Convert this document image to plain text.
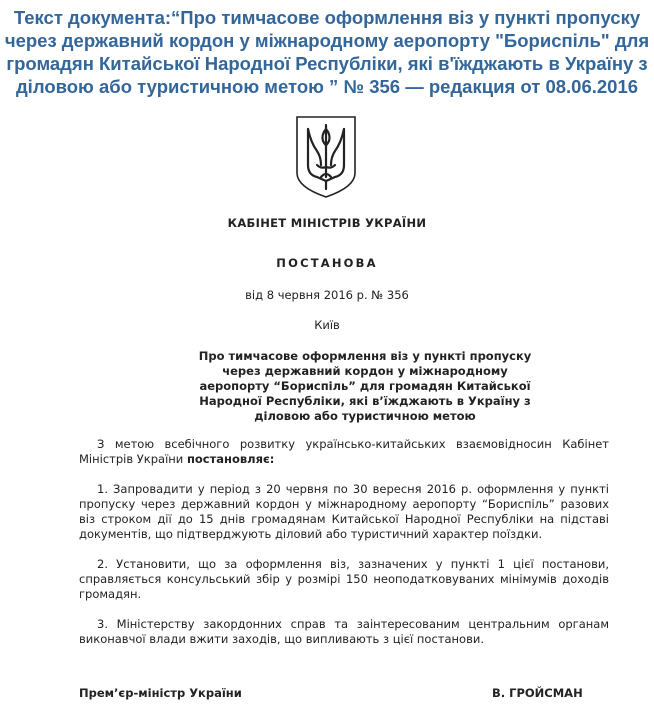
Текст документа:“Про тимчасове оформлення віз у пункті пропуску через державний кордон у міжнародному аеропорту "Бориспіль" для громадян Китайської Народної Республіки, які в'їжджають в Україну з діловою або туристичною метою ” № 356 — редакция от 08.06.2016
КАБІНЕТ МІНІСТРІВ УКРАЇНИ
ПОСТАНОВА
від 8 червня 2016 р. № 356
Київ
Про тимчасове оформлення віз у пункті пропуску через державний кордон у міжнародному аеропорту “Бориспіль” для громадян Китайської Народної Республіки, які в’їжджають в Україну з діловою або туристичною метою

З метою всебічного розвитку українсько-китайських взаємовідносин Кабінет Міністрів України постановляє:

1. Запровадити у період з 20 червня по 30 вересня 2016 р. оформлення у пункті пропуску через державний кордон у міжнародному аеропорту “Бориспіль” разових віз строком дії до 15 днів громадянам Китайської Народної Республіки на підставі документів, що підтверджують діловий або туристичний характер поїздки.

2. Установити, що за оформлення віз, зазначених у пункті 1 цієї постанови, справляється консульський збір у розмірі 150 неоподатковуваних мінімумів доходів громадян.

3. Міністерству закордонних справ та заінтересованим центральним органам виконавчої влади вжити заходів, що випливають з цієї постанови.

Прем’єр-міністр України	В. ГРОЙСМАН
